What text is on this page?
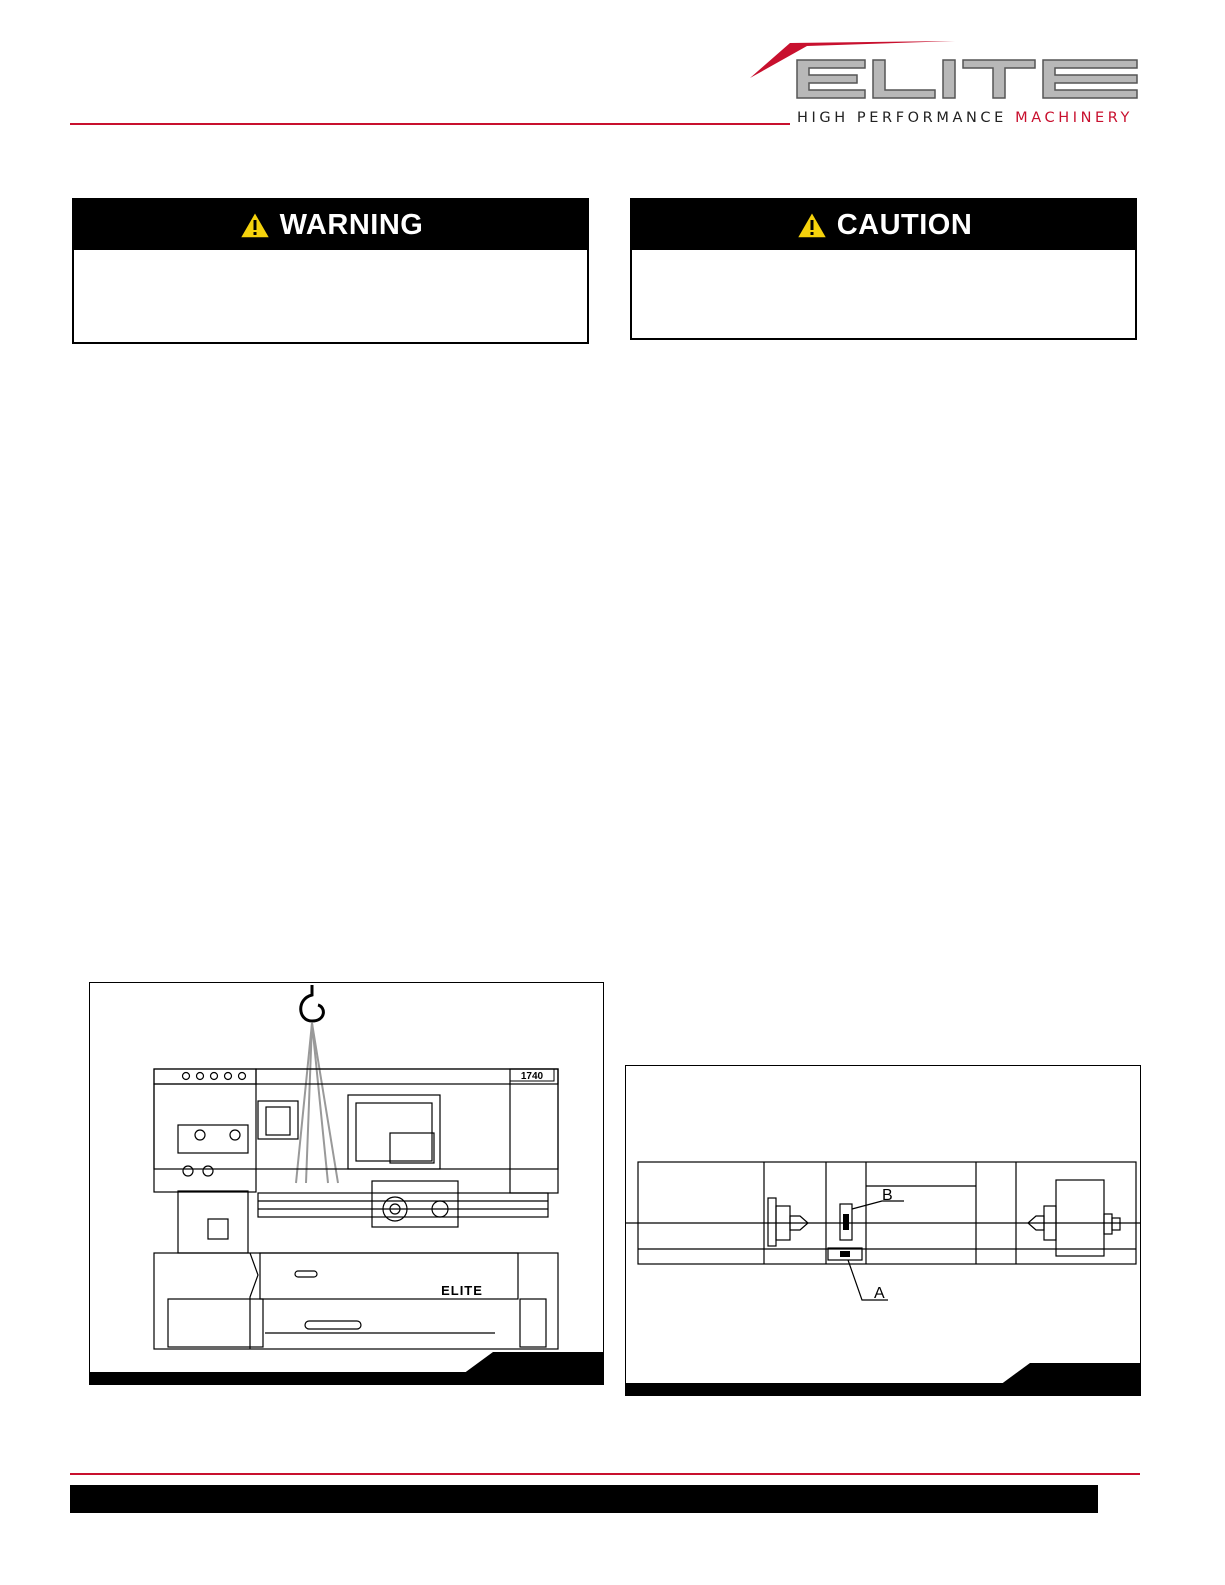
HIGH PERFORMANCE MACHINERY
WARNING	CAUTION
1740
ELITE
B
A
